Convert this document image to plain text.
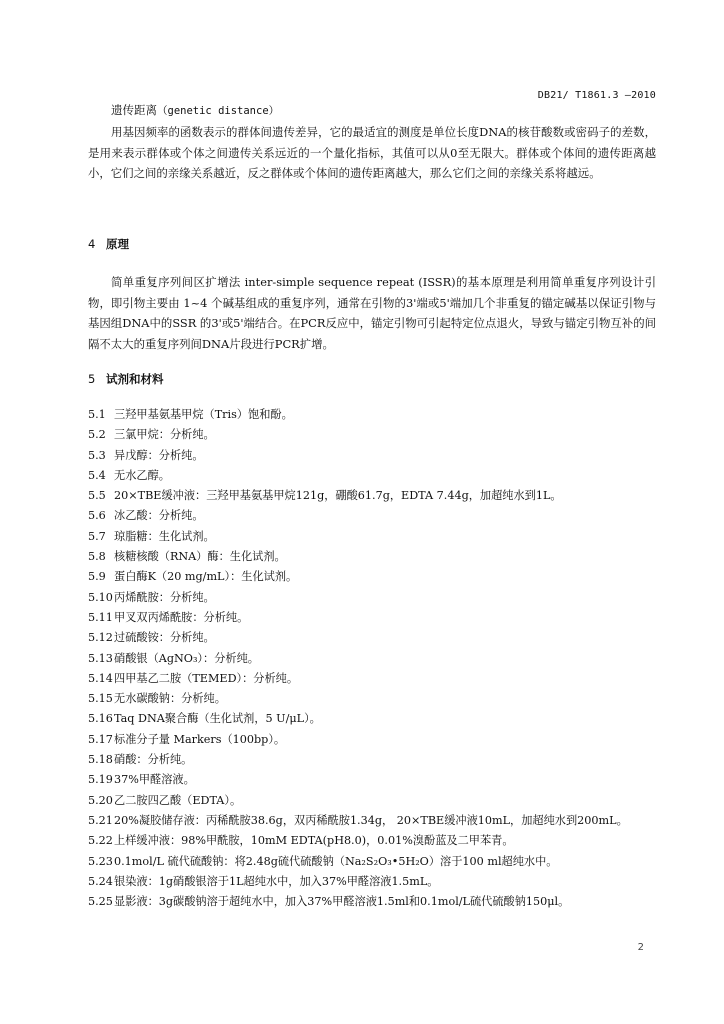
DB21/ T1861.3 —2010
遗传距离（genetic distance）

用基因频率的函数表示的群体间遗传差异，它的最适宜的测度是单位长度DNA的核苷酸数或密码子的差数，是用来表示群体或个体之间遗传关系远近的一个量化指标，其值可以从0至无限大。群体或个体间的遗传距离越小，它们之间的亲缘关系越近，反之群体或个体间的遗传距离越大，那么它们之间的亲缘关系将越远。

4 原理

简单重复序列间区扩增法 inter-simple sequence repeat (ISSR)的基本原理是利用简单重复序列设计引物，即引物主要由 1~4 个碱基组成的重复序列，通常在引物的3'端或5'端加几个非重复的锚定碱基以保证引物与基因组DNA中的SSR 的3'或5'端结合。在PCR反应中，锚定引物可引起特定位点退火，导致与锚定引物互补的间隔不太大的重复序列间DNA片段进行PCR扩增。

5 试剂和材料
5.1 三羟甲基氨基甲烷（Tris）饱和酚。
5.2 三氯甲烷：分析纯。
5.3 异戊醇：分析纯。
5.4 无水乙醇。
5.5 20×TBE缓冲液：三羟甲基氨基甲烷121g，硼酸61.7g，EDTA 7.44g，加超纯水到1L。
5.6 冰乙酸：分析纯。
5.7 琼脂糖：生化试剂。
5.8 核糖核酸（RNA）酶：生化试剂。
5.9 蛋白酶K（20 mg/mL）：生化试剂。
5.10丙烯酰胺：分析纯。
5.11甲叉双丙烯酰胺：分析纯。
5.12过硫酸铵：分析纯。
5.13硝酸银（AgNO₃）：分析纯。
5.14四甲基乙二胺（TEMED）：分析纯。
5.15无水碳酸钠：分析纯。
5.16Taq DNA聚合酶（生化试剂，5 U/μL）。
5.17标准分子量 Markers（100bp）。
5.18硝酸：分析纯。
5.1937%甲醛溶液。
5.20乙二胺四乙酸（EDTA）。
5.2120%凝胶储存液：丙稀酰胺38.6g，双丙稀酰胺1.34g， 20×TBE缓冲液10mL，加超纯水到200mL。
5.22上样缓冲液：98%甲酰胺，10mM EDTA(pH8.0)，0.01%溴酚蓝及二甲苯青。
5.230.1mol/L 硫代硫酸钠：将2.48g硫代硫酸钠（Na₂S₂O₃•5H₂O）溶于100 ml超纯水中。
5.24银染液：1g硝酸银溶于1L超纯水中，加入37%甲醛溶液1.5mL。
5.25显影液：3g碳酸钠溶于超纯水中，加入37%甲醛溶液1.5ml和0.1mol/L硫代硫酸钠150μl。
2
